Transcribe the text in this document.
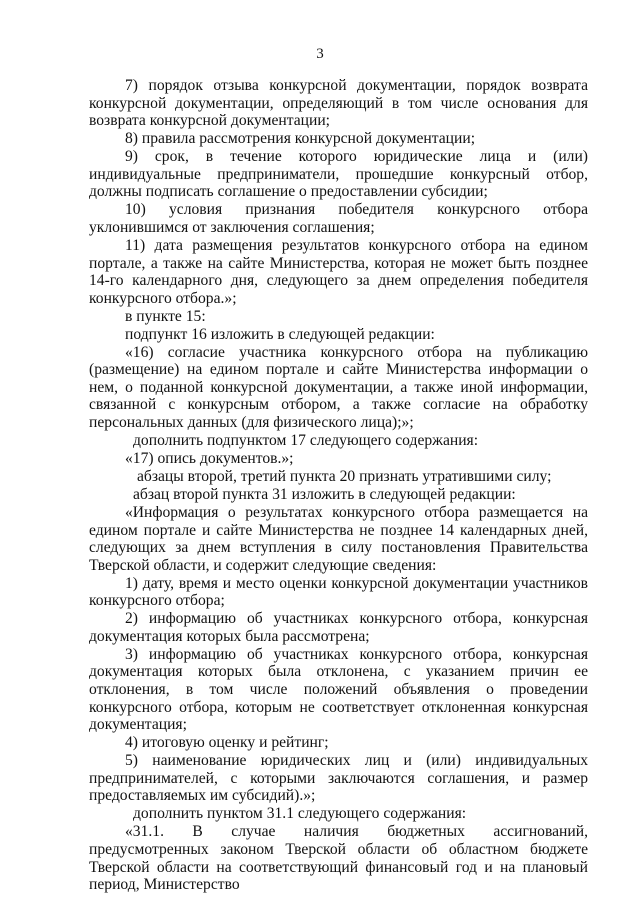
3

7) порядок отзыва конкурсной документации, порядок возврата конкурсной документации, определяющий в том числе основания для возврата конкурсной документации;

8) правила рассмотрения конкурсной документации;

9) срок, в течение которого юридические лица и (или) индивидуальные предприниматели, прошедшие конкурсный отбор, должны подписать соглашение о предоставлении субсидии;

10) условия признания победителя конкурсного отбора уклонившимся от заключения соглашения;

11) дата размещения результатов конкурсного отбора на едином портале, а также на сайте Министерства, которая не может быть позднее 14-го календарного дня, следующего за днем определения победителя конкурсного отбора.»;

в пункте 15:

подпункт 16 изложить в следующей редакции:

«16) согласие участника конкурсного отбора на публикацию (размещение) на едином портале и сайте Министерства информации о нем, о поданной конкурсной документации, а также иной информации, связанной с конкурсным отбором, а также согласие на обработку персональных данных (для физического лица);»;

дополнить подпунктом 17 следующего содержания:

«17) опись документов.»;

абзацы второй, третий пункта 20 признать утратившими силу;

абзац второй пункта 31 изложить в следующей редакции:

«Информация о результатах конкурсного отбора размещается на едином портале и сайте Министерства не позднее 14 календарных дней, следующих за днем вступления в силу постановления Правительства Тверской области, и содержит следующие сведения:

1) дату, время и место оценки конкурсной документации участников конкурсного отбора;

2) информацию об участниках конкурсного отбора, конкурсная документация которых была рассмотрена;

3) информацию об участниках конкурсного отбора, конкурсная документация которых была отклонена, с указанием причин ее отклонения, в том числе положений объявления о проведении конкурсного отбора, которым не соответствует отклоненная конкурсная документация;

4) итоговую оценку и рейтинг;

5) наименование юридических лиц и (или) индивидуальных предпринимателей, с которыми заключаются соглашения, и размер предоставляемых им субсидий).»;

дополнить пунктом 31.1 следующего содержания:

«31.1. В случае наличия бюджетных ассигнований, предусмотренных законом Тверской области об областном бюджете Тверской области на соответствующий финансовый год и на плановый период, Министерство
